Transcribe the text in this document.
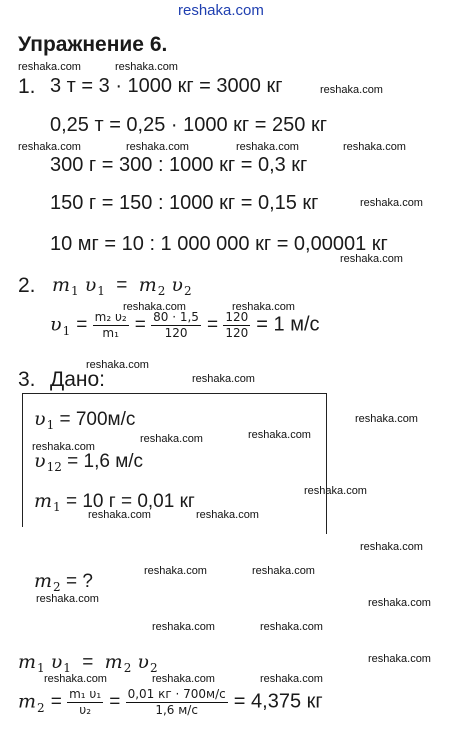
reshaka.com
Упражнение 6.
reshaka.com	reshaka.com
1. 3 т = 3 · 1000 кг = 3000 кг	reshaka.com
0,25 т = 0,25 · 1000 кг = 250 кг
reshaka.com	reshaka.com	reshaka.com	reshaka.com
300 г = 300 : 1000 кг = 0,3 кг
150 г = 150 : 1000 кг = 0,15 кг	reshaka.com
10 мг = 10 : 1 000 000 кг = 0,00001 кг
reshaka.com
2. $m_1$ $\upsilon_1 = m_2$ $\upsilon_2$
reshaka.com	reshaka.com
$\upsilon_1 = \frac{\text{m₂ υ₂}}{\text{m₁}} = \frac{80 \cdot 1,5}{120} = \frac{120}{120} = 1$ м/с
reshaka.com
3. Дано:	reshaka.com
$\upsilon_1 = 700м/с$	reshaka.com
reshaka.com
reshaka.com
reshaka.com
$\upsilon_{12} = 1,6$ м/с
reshaka.com
$m_1 = 10$ г = 0,01 кг
reshaka.com	reshaka.com
reshaka.com
$m_2$ = ?	reshaka.com	reshaka.com
reshaka.com	reshaka.com
reshaka.com	reshaka.com
$m_1$ $\upsilon_1 = m_2$ $\upsilon_2$
reshaka.com
reshaka.com	reshaka.com	reshaka.com
$m_2 = \frac{\text{m₁ υ₁}}{\text{υ₂}} = \frac{0,01 кг \cdot 700м/с}{1,6 м/с} = 4,375$ кг
